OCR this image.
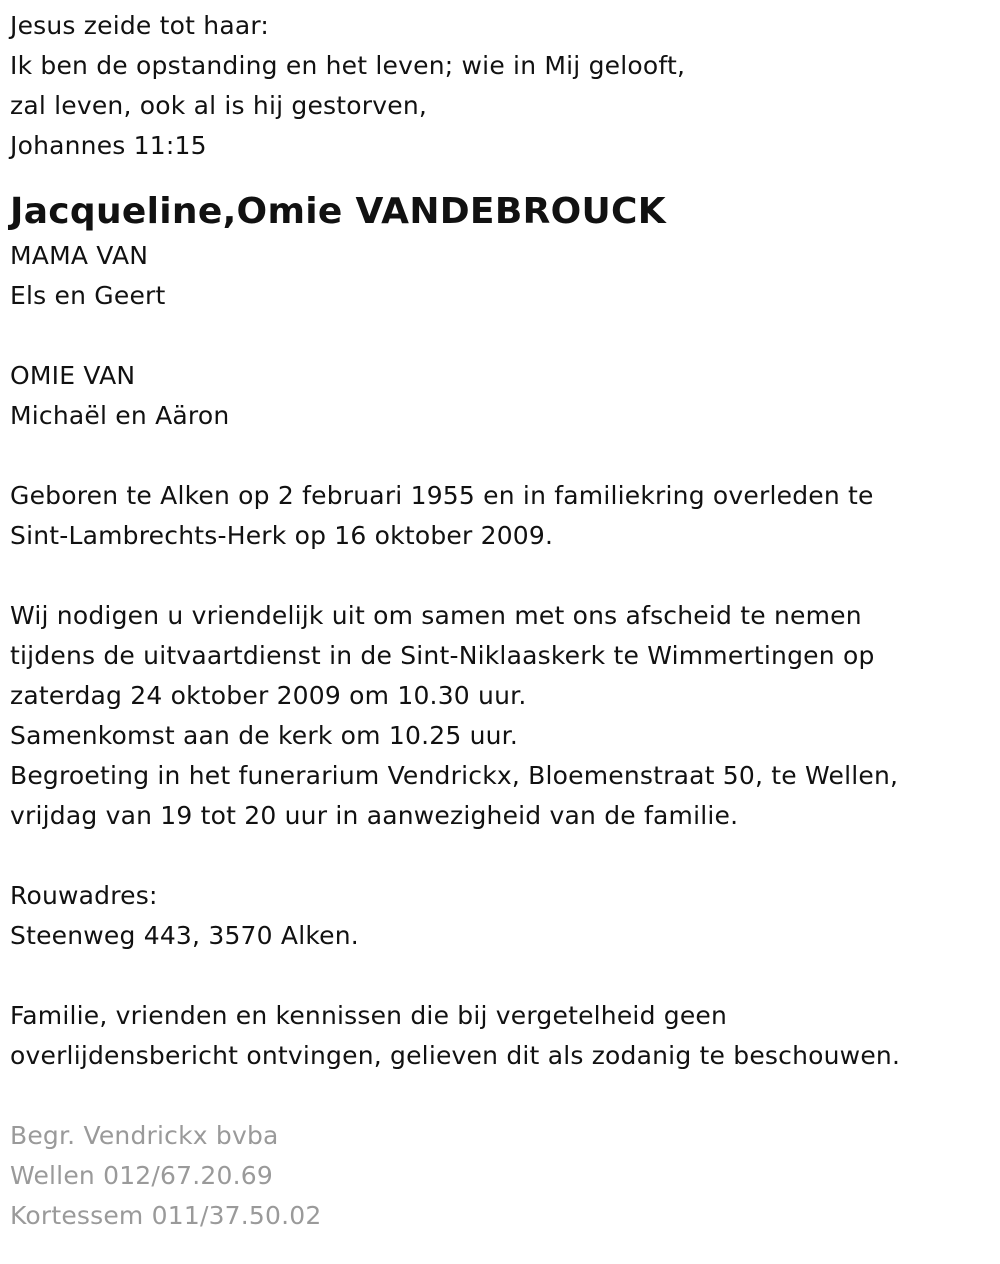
Jesus zeide tot haar:
Ik ben de opstanding en het leven; wie in Mij gelooft,
zal leven, ook al is hij gestorven,
Johannes 11:15
Jacqueline,Omie VANDEBROUCK
MAMA VAN
Els en Geert
OMIE VAN
Michaël en Aäron
Geboren te Alken op 2 februari 1955 en in familiekring overleden te
Sint-Lambrechts-Herk op 16 oktober 2009.
Wij nodigen u vriendelijk uit om samen met ons afscheid te nemen
tijdens de uitvaartdienst in de Sint-Niklaaskerk te Wimmertingen op
zaterdag 24 oktober 2009 om 10.30 uur.
Samenkomst aan de kerk om 10.25 uur.
Begroeting in het funerarium Vendrickx, Bloemenstraat 50, te Wellen,
vrijdag van 19 tot 20 uur in aanwezigheid van de familie.
Rouwadres:
Steenweg 443, 3570 Alken.
Familie, vrienden en kennissen die bij vergetelheid geen
overlijdensbericht ontvingen, gelieven dit als zodanig te beschouwen.
Begr. Vendrickx bvba
Wellen 012/67.20.69
Kortessem 011/37.50.02
